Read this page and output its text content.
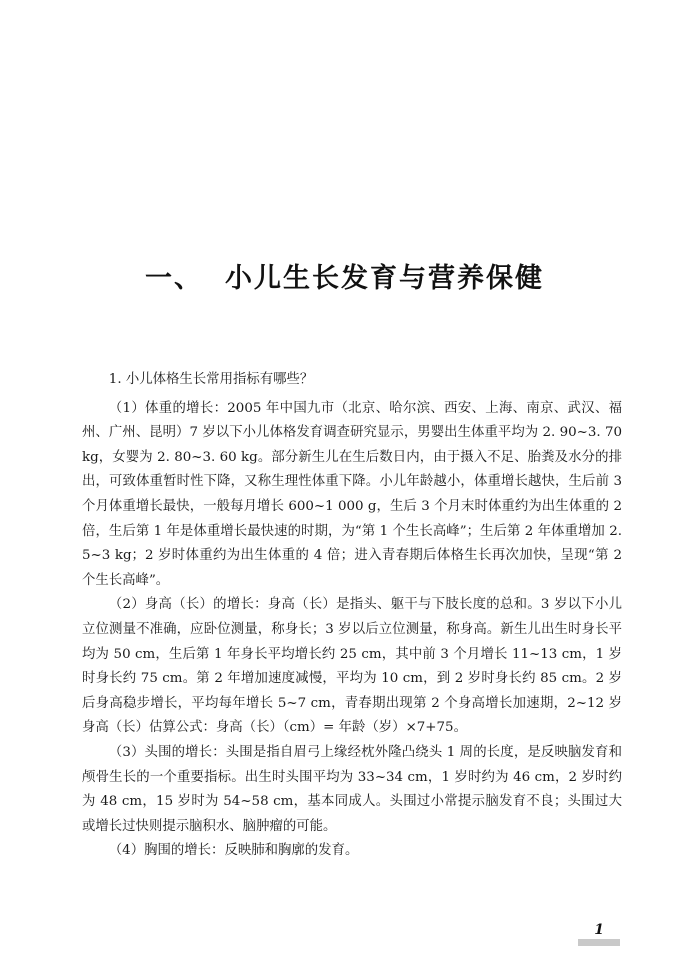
一、 小儿生长发育与营养保健

1. 小儿体格生长常用指标有哪些？

（1）体重的增长：2005 年中国九市（北京、哈尔滨、西安、上海、南京、武汉、福州、广州、昆明）7 岁以下小儿体格发育调查研究显示，男婴出生体重平均为 2. 90~3. 70 kg，女婴为 2. 80~3. 60 kg。部分新生儿在生后数日内，由于摄入不足、胎粪及水分的排出，可致体重暂时性下降，又称生理性体重下降。小儿年龄越小，体重增长越快，生后前 3 个月体重增长最快，一般每月增长 600~1 000 g，生后 3 个月末时体重约为出生体重的 2 倍，生后第 1 年是体重增长最快速的时期，为“第 1 个生长高峰”；生后第 2 年体重增加 2. 5~3 kg；2 岁时体重约为出生体重的 4 倍；进入青春期后体格生长再次加快，呈现“第 2 个生长高峰”。

（2）身高（长）的增长：身高（长）是指头、躯干与下肢长度的总和。3 岁以下小儿立位测量不准确，应卧位测量，称身长；3 岁以后立位测量，称身高。新生儿出生时身长平均为 50 cm，生后第 1 年身长平均增长约 25 cm，其中前 3 个月增长 11~13 cm，1 岁时身长约 75 cm。第 2 年增加速度减慢，平均为 10 cm，到 2 岁时身长约 85 cm。2 岁后身高稳步增长，平均每年增长 5~7 cm，青春期出现第 2 个身高增长加速期，2~12 岁身高（长）估算公式：身高（长）（cm）= 年龄（岁）×7+75。

（3）头围的增长：头围是指自眉弓上缘经枕外隆凸绕头 1 周的长度，是反映脑发育和颅骨生长的一个重要指标。出生时头围平均为 33~34 cm，1 岁时约为 46 cm，2 岁时约为 48 cm，15 岁时为 54~58 cm，基本同成人。头围过小常提示脑发育不良；头围过大或增长过快则提示脑积水、脑肿瘤的可能。

（4）胸围的增长：反映肺和胸廓的发育。

1
